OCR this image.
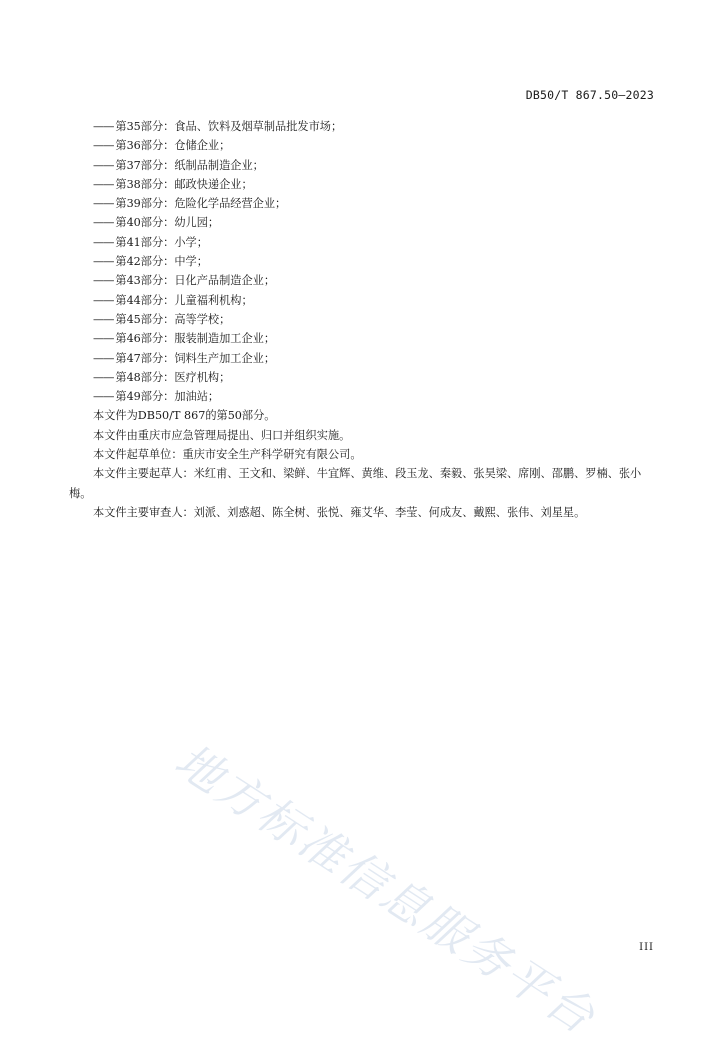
DB50/T 867.50—2023
—— 第35部分：食品、饮料及烟草制品批发市场；
—— 第36部分：仓储企业；
—— 第37部分：纸制品制造企业；
—— 第38部分：邮政快递企业；
—— 第39部分：危险化学品经营企业；
—— 第40部分：幼儿园；
—— 第41部分：小学；
—— 第42部分：中学；
—— 第43部分：日化产品制造企业；
—— 第44部分：儿童福利机构；
—— 第45部分：高等学校；
—— 第46部分：服装制造加工企业；
—— 第47部分：饲料生产加工企业；
—— 第48部分：医疗机构；
—— 第49部分：加油站；
本文件为DB50/T 867的第50部分。
本文件由重庆市应急管理局提出、归口并组织实施。
本文件起草单位：重庆市安全生产科学研究有限公司。
本文件主要起草人：米红甫、王文和、梁鲜、牛宜辉、黄维、段玉龙、秦毅、张昊梁、席刚、邵鹏、罗楠、张小梅。
本文件主要审查人：刘派、刘惑超、陈全树、张悦、雍艾华、李莹、何成友、戴熙、张伟、刘星星。
地方标准信息服务平台	III
